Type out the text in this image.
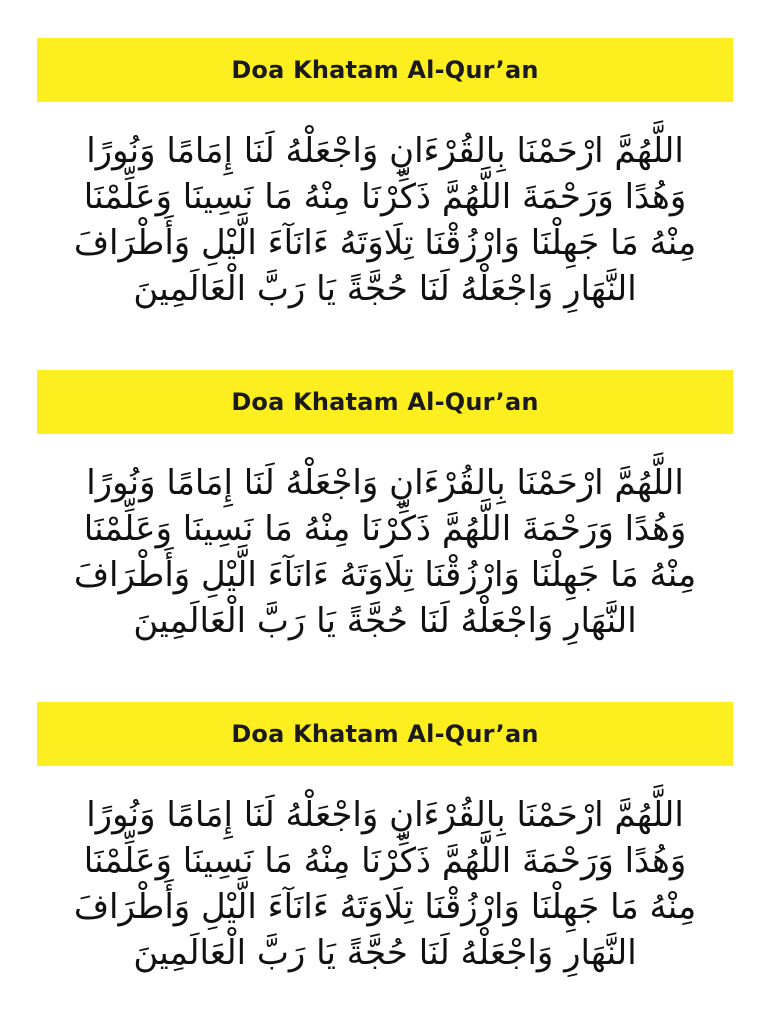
Doa Khatam Al-Qur’an
اللَّهُمَّ ارْحَمْنَا بِالقُرْءَانِ وَاجْعَلْهُ لَنَا إِمَامًا وَنُورًا
وَهُدًا وَرَحْمَةَ اللَّهُمَّ ذَكِّرْنَا مِنْهُ مَا نَسِينَا وَعَلِّمْنَا
مِنْهُ مَا جَهِلْنَا وَارْزُقْنَا تِلَاوَتَهُ ءَانَآءَ الَّيْلِ وَأَطْرَافَ
النَّهَارِ وَاجْعَلْهُ لَنَا حُجَّةً يَا رَبَّ الْعَالَمِينَ
Doa Khatam Al-Qur’an
اللَّهُمَّ ارْحَمْنَا بِالقُرْءَانِ وَاجْعَلْهُ لَنَا إِمَامًا وَنُورًا
وَهُدًا وَرَحْمَةَ اللَّهُمَّ ذَكِّرْنَا مِنْهُ مَا نَسِينَا وَعَلِّمْنَا
مِنْهُ مَا جَهِلْنَا وَارْزُقْنَا تِلَاوَتَهُ ءَانَآءَ الَّيْلِ وَأَطْرَافَ
النَّهَارِ وَاجْعَلْهُ لَنَا حُجَّةً يَا رَبَّ الْعَالَمِينَ
Doa Khatam Al-Qur’an
اللَّهُمَّ ارْحَمْنَا بِالقُرْءَانِ وَاجْعَلْهُ لَنَا إِمَامًا وَنُورًا
وَهُدًا وَرَحْمَةَ اللَّهُمَّ ذَكِّرْنَا مِنْهُ مَا نَسِينَا وَعَلِّمْنَا
مِنْهُ مَا جَهِلْنَا وَارْزُقْنَا تِلَاوَتَهُ ءَانَآءَ الَّيْلِ وَأَطْرَافَ
النَّهَارِ وَاجْعَلْهُ لَنَا حُجَّةً يَا رَبَّ الْعَالَمِينَ
